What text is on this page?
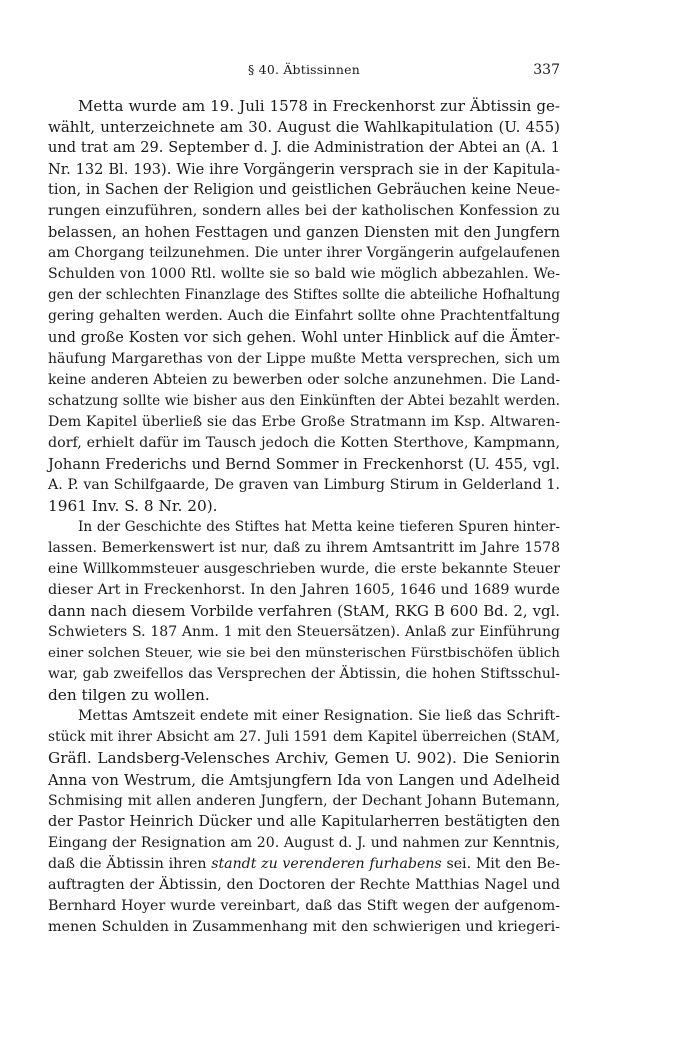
§ 40. Äbtissinnen	337

Metta wurde am 19. Juli 1578 in Freckenhorst zur Äbtissin ge-
wählt, unterzeichnete am 30. August die Wahlkapitulation (U. 455)
und trat am 29. September d. J. die Administration der Abtei an (A. 1
Nr. 132 Bl. 193). Wie ihre Vorgängerin versprach sie in der Kapitula-
tion, in Sachen der Religion und geistlichen Gebräuchen keine Neue-
rungen einzuführen, sondern alles bei der katholischen Konfession zu
belassen, an hohen Festtagen und ganzen Diensten mit den Jungfern
am Chorgang teilzunehmen. Die unter ihrer Vorgängerin aufgelaufenen
Schulden von 1000 Rtl. wollte sie so bald wie möglich abbezahlen. We-
gen der schlechten Finanzlage des Stiftes sollte die abteiliche Hofhaltung
gering gehalten werden. Auch die Einfahrt sollte ohne Prachtentfaltung
und große Kosten vor sich gehen. Wohl unter Hinblick auf die Ämter-
häufung Margarethas von der Lippe mußte Metta versprechen, sich um
keine anderen Abteien zu bewerben oder solche anzunehmen. Die Land-
schatzung sollte wie bisher aus den Einkünften der Abtei bezahlt werden.
Dem Kapitel überließ sie das Erbe Große Stratmann im Ksp. Altwaren-
dorf, erhielt dafür im Tausch jedoch die Kotten Sterthove, Kampmann,
Johann Frederichs und Bernd Sommer in Freckenhorst (U. 455, vgl.
A. P. van Schilfgaarde, De graven van Limburg Stirum in Gelderland 1.
1961 Inv. S. 8 Nr. 20).

In der Geschichte des Stiftes hat Metta keine tieferen Spuren hinter-
lassen. Bemerkenswert ist nur, daß zu ihrem Amtsantritt im Jahre 1578
eine Willkommsteuer ausgeschrieben wurde, die erste bekannte Steuer
dieser Art in Freckenhorst. In den Jahren 1605, 1646 und 1689 wurde
dann nach diesem Vorbilde verfahren (StAM, RKG B 600 Bd. 2, vgl.
Schwieters S. 187 Anm. 1 mit den Steuersätzen). Anlaß zur Einführung
einer solchen Steuer, wie sie bei den münsterischen Fürstbischöfen üblich
war, gab zweifellos das Versprechen der Äbtissin, die hohen Stiftsschul-
den tilgen zu wollen.

Mettas Amtszeit endete mit einer Resignation. Sie ließ das Schrift-
stück mit ihrer Absicht am 27. Juli 1591 dem Kapitel überreichen (StAM,
Gräfl. Landsberg-Velensches Archiv, Gemen U. 902). Die Seniorin
Anna von Westrum, die Amtsjungfern Ida von Langen und Adelheid
Schmising mit allen anderen Jungfern, der Dechant Johann Butemann,
der Pastor Heinrich Dücker und alle Kapitularherren bestätigten den
Eingang der Resignation am 20. August d. J. und nahmen zur Kenntnis,
daß die Äbtissin ihren standt zu verenderen furhabens sei. Mit den Be-
auftragten der Äbtissin, den Doctoren der Rechte Matthias Nagel und
Bernhard Hoyer wurde vereinbart, daß das Stift wegen der aufgenom-
menen Schulden in Zusammenhang mit den schwierigen und kriegeri-
